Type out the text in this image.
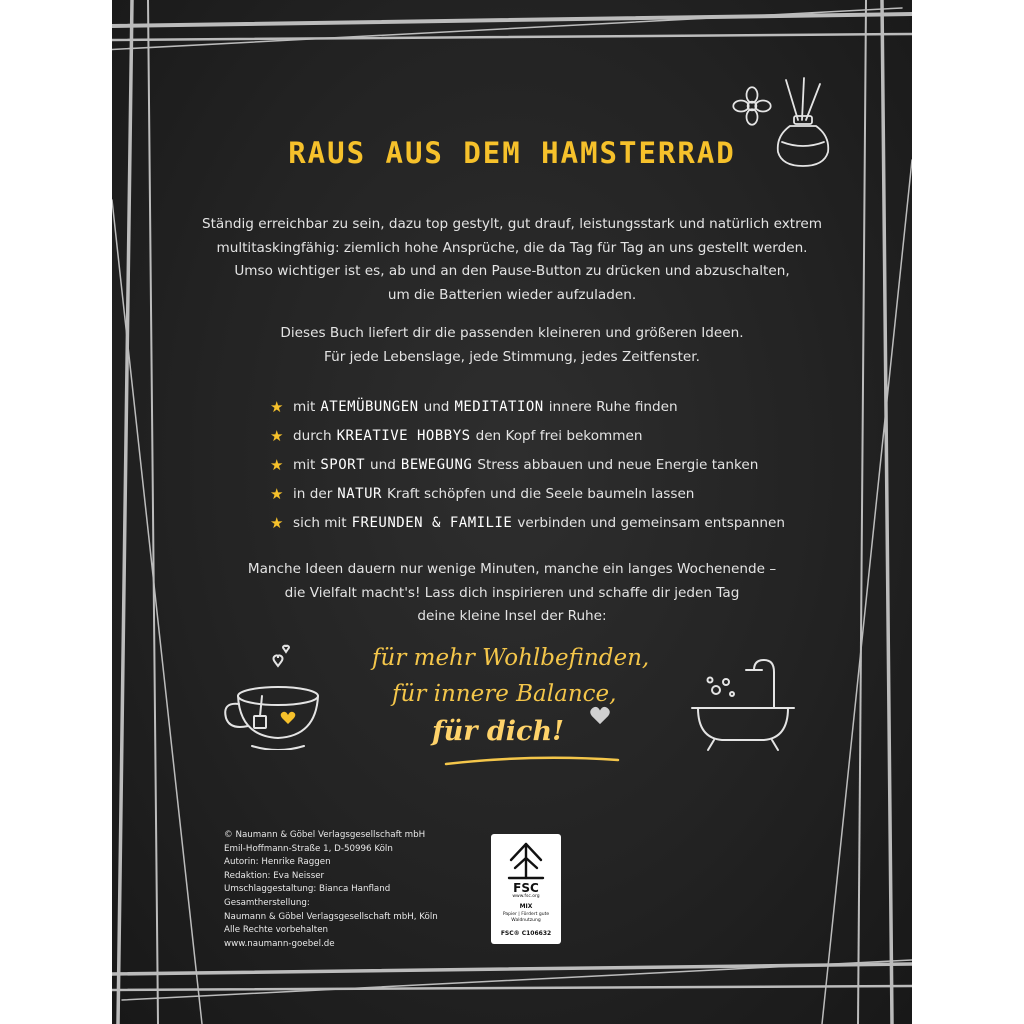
RAUS AUS DEM HAMSTERRAD

Ständig erreichbar zu sein, dazu top gestylt, gut drauf, leistungsstark und natürlich extrem
multitaskingfähig: ziemlich hohe Ansprüche, die da Tag für Tag an uns gestellt werden.
Umso wichtiger ist es, ab und an den Pause-Button zu drücken und abzuschalten,
um die Batterien wieder aufzuladen.

Dieses Buch liefert dir die passenden kleineren und größeren Ideen.
Für jede Lebenslage, jede Stimmung, jedes Zeitfenster.

★ mit ATEMÜBUNGEN und MEDITATION innere Ruhe finden
★ durch KREATIVE HOBBYS den Kopf frei bekommen
★ mit SPORT und BEWEGUNG Stress abbauen und neue Energie tanken
★ in der NATUR Kraft schöpfen und die Seele baumeln lassen
★ sich mit FREUNDEN & FAMILIE verbinden und gemeinsam entspannen

Manche Ideen dauern nur wenige Minuten, manche ein langes Wochenende –
die Vielfalt macht's! Lass dich inspirieren und schaffe dir jeden Tag
deine kleine Insel der Ruhe:

für mehr Wohlbefinden,
für innere Balance,
für dich!

© Naumann & Göbel Verlagsgesellschaft mbH
Emil-Hoffmann-Straße 1, D-50996 Köln
Autorin: Henrike Raggen
Redaktion: Eva Neisser
Umschlaggestaltung: Bianca Hanfland
Gesamtherstellung:
Naumann & Göbel Verlagsgesellschaft mbH, Köln
Alle Rechte vorbehalten
www.naumann-goebel.de

FSC
www.fsc.org
MIX
Papier | Fördert gute Waldnutzung
FSC® C106632
